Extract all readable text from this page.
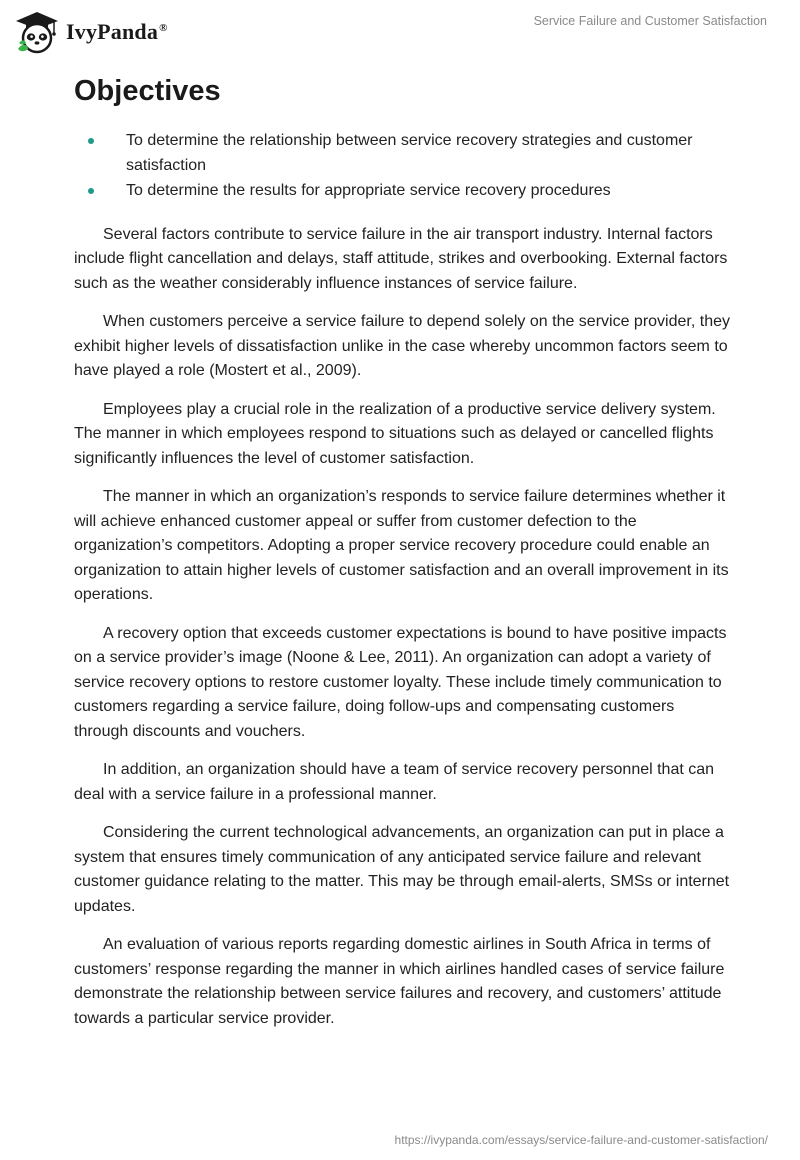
IvyPanda®	Service Failure and Customer Satisfaction
Objectives
To determine the relationship between service recovery strategies and customer satisfaction
To determine the results for appropriate service recovery procedures

Several factors contribute to service failure in the air transport industry. Internal factors include flight cancellation and delays, staff attitude, strikes and overbooking. External factors such as the weather considerably influence instances of service failure.

When customers perceive a service failure to depend solely on the service provider, they exhibit higher levels of dissatisfaction unlike in the case whereby uncommon factors seem to have played a role (Mostert et al., 2009).

Employees play a crucial role in the realization of a productive service delivery system. The manner in which employees respond to situations such as delayed or cancelled flights significantly influences the level of customer satisfaction.

The manner in which an organization’s responds to service failure determines whether it will achieve enhanced customer appeal or suffer from customer defection to the organization’s competitors. Adopting a proper service recovery procedure could enable an organization to attain higher levels of customer satisfaction and an overall improvement in its operations.

A recovery option that exceeds customer expectations is bound to have positive impacts on a service provider’s image (Noone & Lee, 2011). An organization can adopt a variety of service recovery options to restore customer loyalty. These include timely communication to customers regarding a service failure, doing follow-ups and compensating customers through discounts and vouchers.

In addition, an organization should have a team of service recovery personnel that can deal with a service failure in a professional manner.

Considering the current technological advancements, an organization can put in place a system that ensures timely communication of any anticipated service failure and relevant customer guidance relating to the matter. This may be through email-alerts, SMSs or internet updates.

An evaluation of various reports regarding domestic airlines in South Africa in terms of customers’ response regarding the manner in which airlines handled cases of service failure demonstrate the relationship between service failures and recovery, and customers’ attitude towards a particular service provider.

https://ivypanda.com/essays/service-failure-and-customer-satisfaction/
